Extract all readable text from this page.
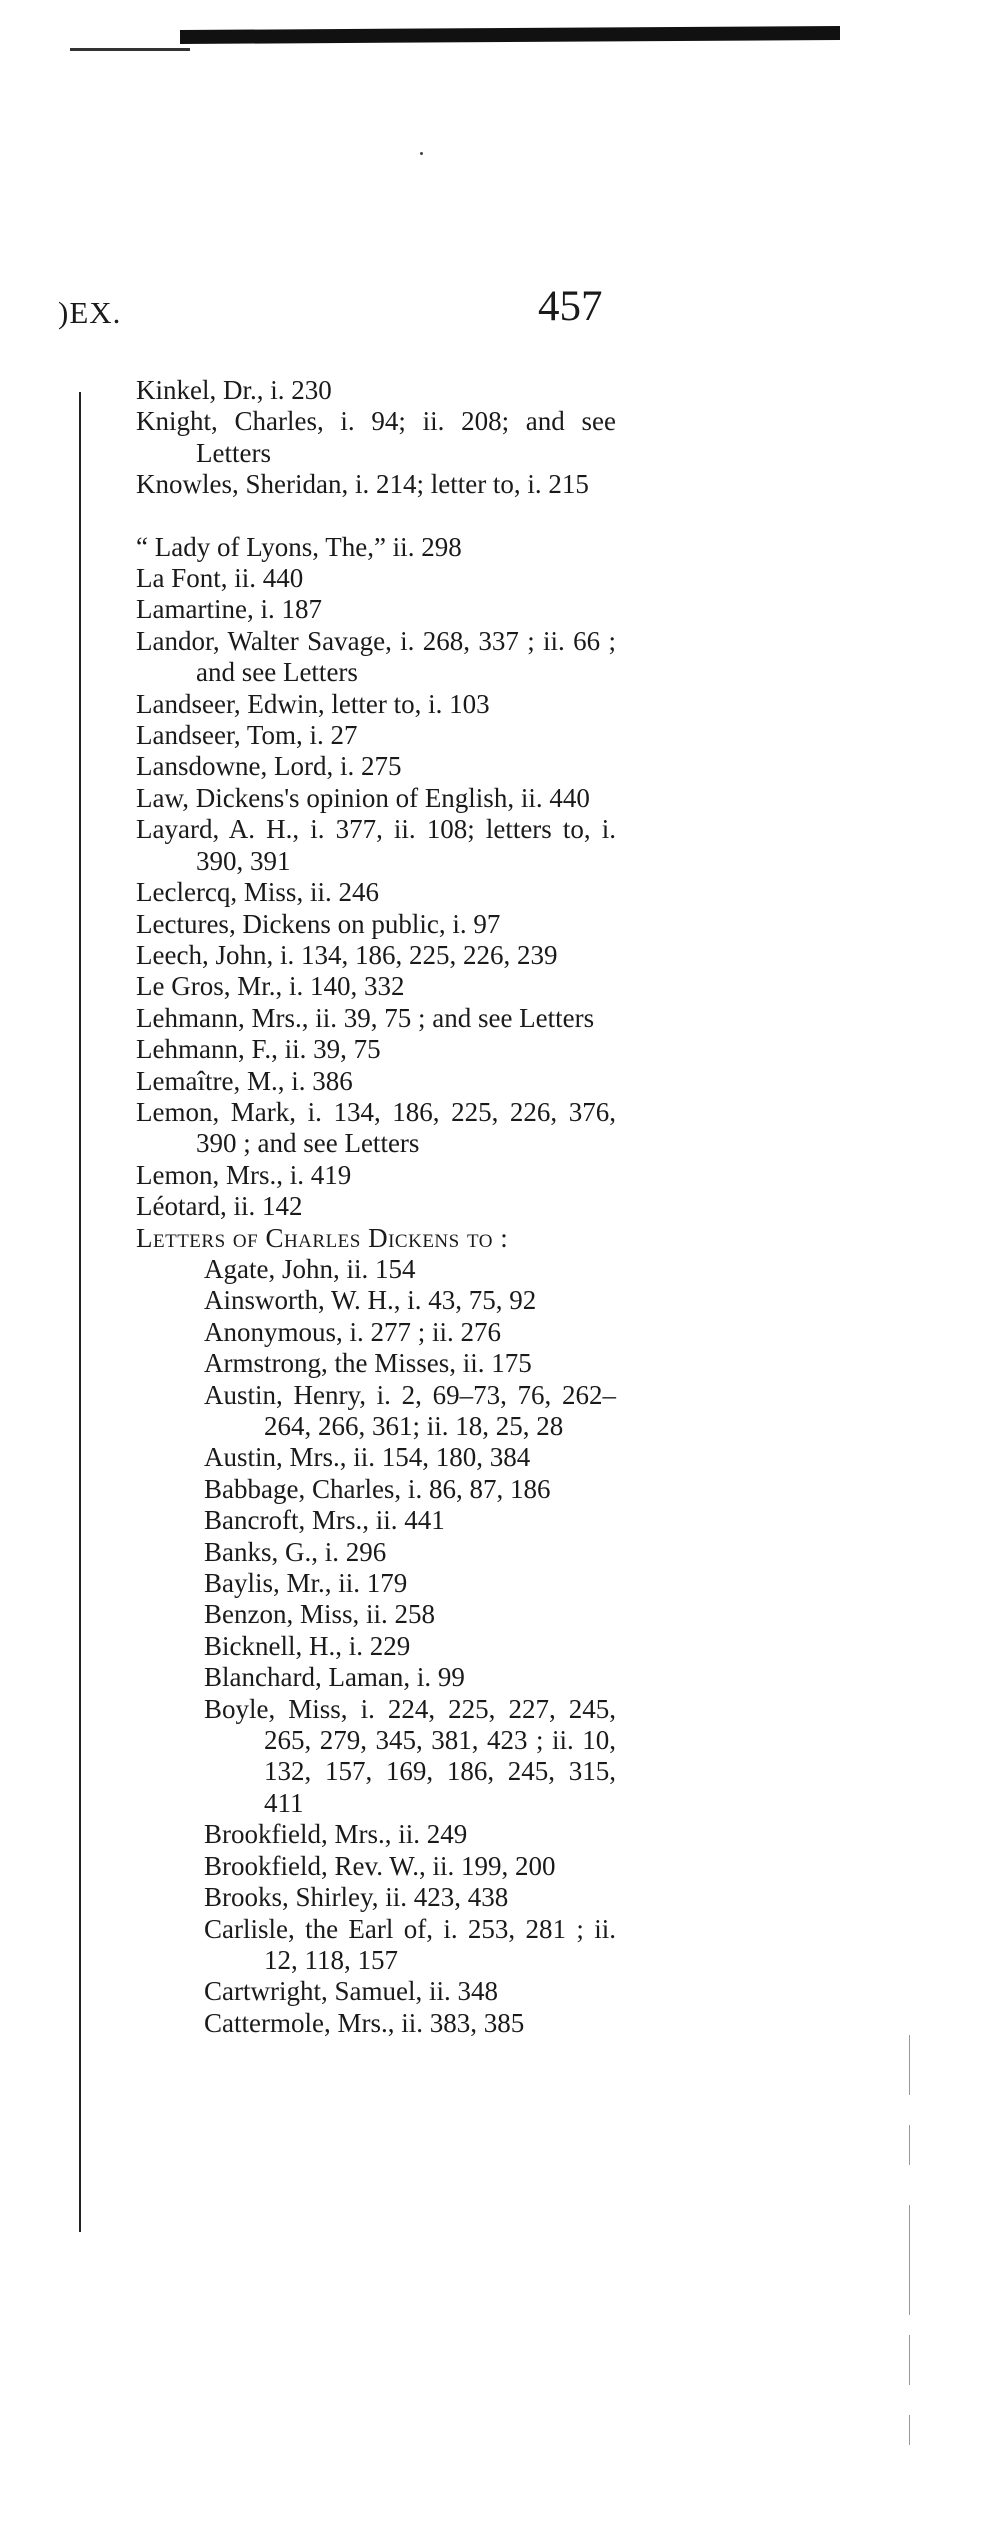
)EX.	457

Kinkel, Dr., i. 230

Knight, Charles, i. 94; ii. 208; and see Letters

Knowles, Sheridan, i. 214; letter to, i. 215

“ Lady of Lyons, The,” ii. 298

La Font, ii. 440

Lamartine, i. 187

Landor, Walter Savage, i. 268, 337 ; ii. 66 ; and see Letters

Landseer, Edwin, letter to, i. 103

Landseer, Tom, i. 27

Lansdowne, Lord, i. 275

Law, Dickens's opinion of English, ii. 440

Layard, A. H., i. 377, ii. 108; letters to, i. 390, 391

Leclercq, Miss, ii. 246

Lectures, Dickens on public, i. 97

Leech, John, i. 134, 186, 225, 226, 239

Le Gros, Mr., i. 140, 332

Lehmann, Mrs., ii. 39, 75 ; and see Letters

Lehmann, F., ii. 39, 75

Lemaître, M., i. 386

Lemon, Mark, i. 134, 186, 225, 226, 376, 390 ; and see Letters

Lemon, Mrs., i. 419

Léotard, ii. 142

Letters of Charles Dickens to :

Agate, John, ii. 154

Ainsworth, W. H., i. 43, 75, 92

Anonymous, i. 277 ; ii. 276

Armstrong, the Misses, ii. 175

Austin, Henry, i. 2, 69–73, 76, 262–264, 266, 361; ii. 18, 25, 28

Austin, Mrs., ii. 154, 180, 384

Babbage, Charles, i. 86, 87, 186

Bancroft, Mrs., ii. 441

Banks, G., i. 296

Baylis, Mr., ii. 179

Benzon, Miss, ii. 258

Bicknell, H., i. 229

Blanchard, Laman, i. 99

Boyle, Miss, i. 224, 225, 227, 245, 265, 279, 345, 381, 423 ; ii. 10, 132, 157, 169, 186, 245, 315, 411

Brookfield, Mrs., ii. 249

Brookfield, Rev. W., ii. 199, 200

Brooks, Shirley, ii. 423, 438

Carlisle, the Earl of, i. 253, 281 ; ii. 12, 118, 157

Cartwright, Samuel, ii. 348

Cattermole, Mrs., ii. 383, 385
